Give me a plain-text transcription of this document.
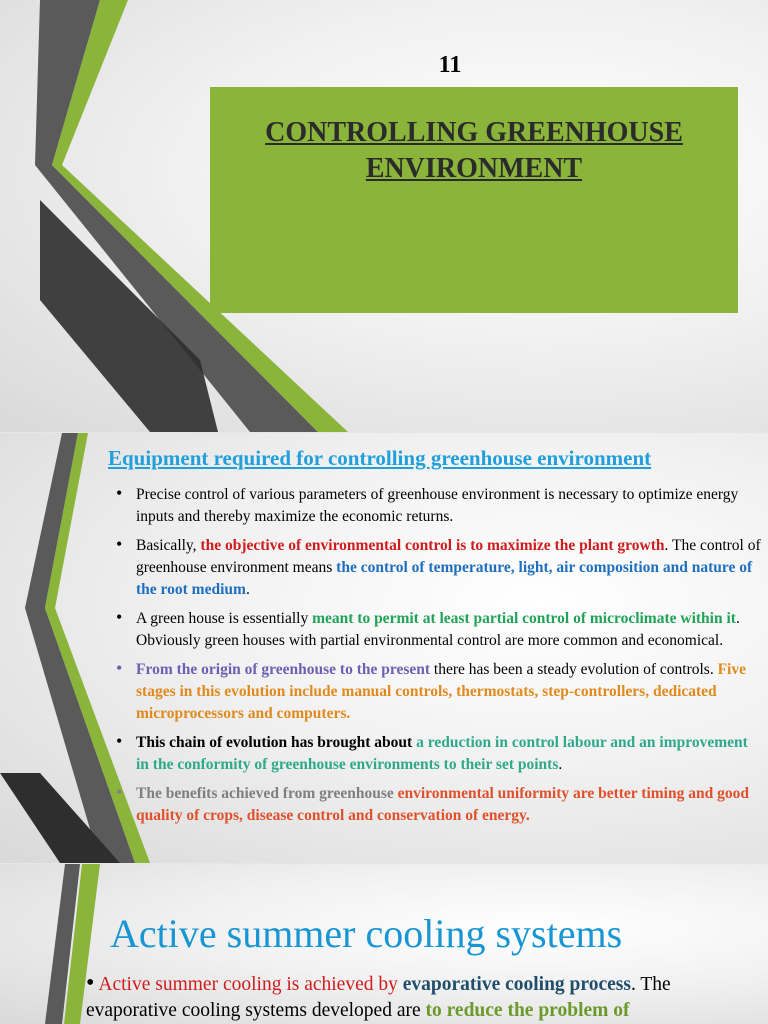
11
CONTROLLING GREENHOUSE
ENVIRONMENT
Equipment required for controlling greenhouse environment
• Precise control of various parameters of greenhouse environment is necessary to optimize energy inputs and thereby maximize the economic returns.
• Basically, the objective of environmental control is to maximize the plant growth. The control of greenhouse environment means the control of temperature, light, air composition and nature of the root medium.
• A green house is essentially meant to permit at least partial control of microclimate within it. Obviously green houses with partial environmental control are more common and economical.
• From the origin of greenhouse to the present there has been a steady evolution of controls. Five stages in this evolution include manual controls, thermostats, step-controllers, dedicated microprocessors and computers.
• This chain of evolution has brought about a reduction in control labour and an improvement in the conformity of greenhouse environments to their set points.
• The benefits achieved from greenhouse environmental uniformity are better timing and good quality of crops, disease control and conservation of energy.
Active summer cooling systems
• Active summer cooling is achieved by evaporative cooling process. The evaporative cooling systems developed are to reduce the problem of
